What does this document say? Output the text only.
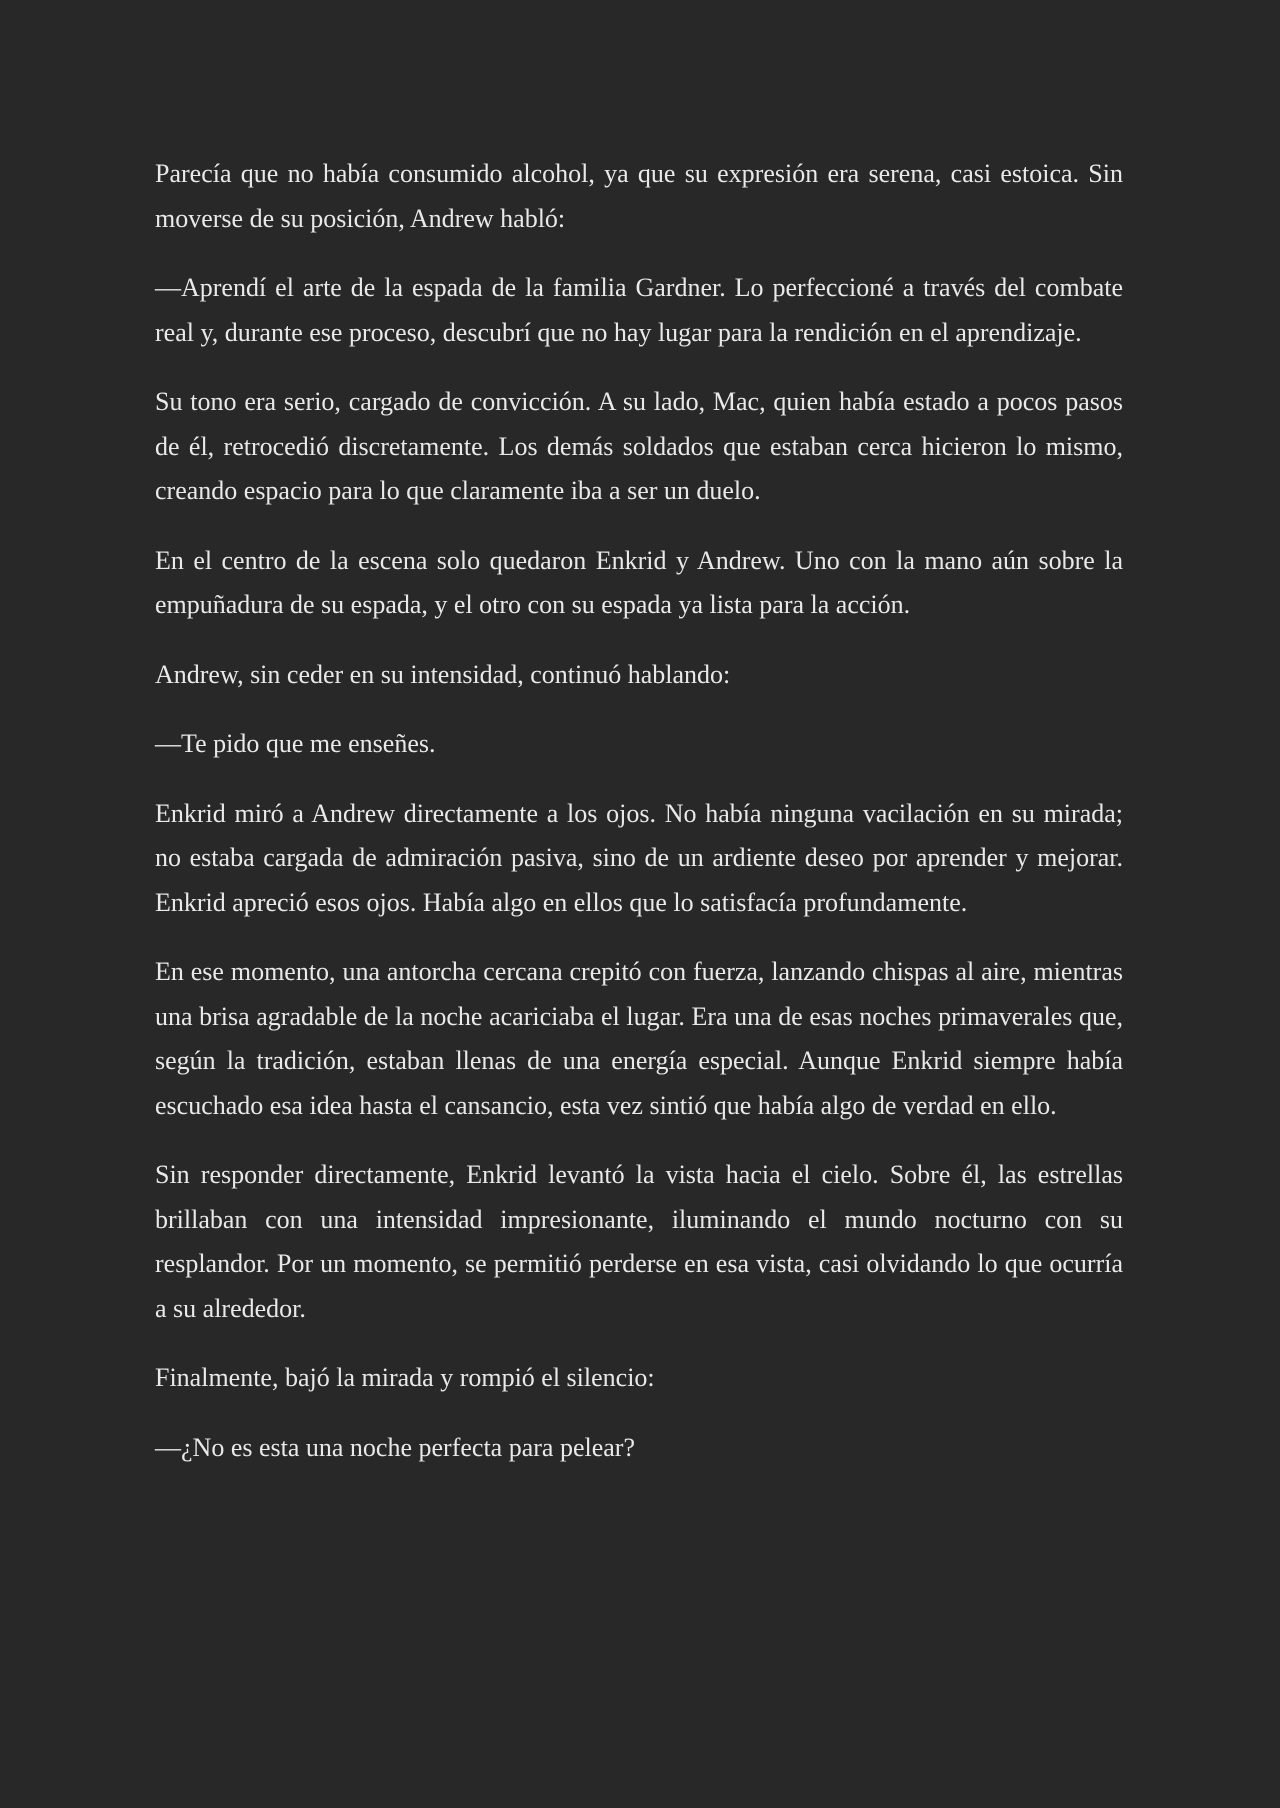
Parecía que no había consumido alcohol, ya que su expresión era serena, casi estoica. Sin moverse de su posición, Andrew habló:

—Aprendí el arte de la espada de la familia Gardner. Lo perfeccioné a través del combate real y, durante ese proceso, descubrí que no hay lugar para la rendición en el aprendizaje.

Su tono era serio, cargado de convicción. A su lado, Mac, quien había estado a pocos pasos de él, retrocedió discretamente. Los demás soldados que estaban cerca hicieron lo mismo, creando espacio para lo que claramente iba a ser un duelo.

En el centro de la escena solo quedaron Enkrid y Andrew. Uno con la mano aún sobre la empuñadura de su espada, y el otro con su espada ya lista para la acción.

Andrew, sin ceder en su intensidad, continuó hablando:

—Te pido que me enseñes.

Enkrid miró a Andrew directamente a los ojos. No había ninguna vacilación en su mirada; no estaba cargada de admiración pasiva, sino de un ardiente deseo por aprender y mejorar. Enkrid apreció esos ojos. Había algo en ellos que lo satisfacía profundamente.

En ese momento, una antorcha cercana crepitó con fuerza, lanzando chispas al aire, mientras una brisa agradable de la noche acariciaba el lugar. Era una de esas noches primaverales que, según la tradición, estaban llenas de una energía especial. Aunque Enkrid siempre había escuchado esa idea hasta el cansancio, esta vez sintió que había algo de verdad en ello.

Sin responder directamente, Enkrid levantó la vista hacia el cielo. Sobre él, las estrellas brillaban con una intensidad impresionante, iluminando el mundo nocturno con su resplandor. Por un momento, se permitió perderse en esa vista, casi olvidando lo que ocurría a su alrededor.

Finalmente, bajó la mirada y rompió el silencio:

—¿No es esta una noche perfecta para pelear?
